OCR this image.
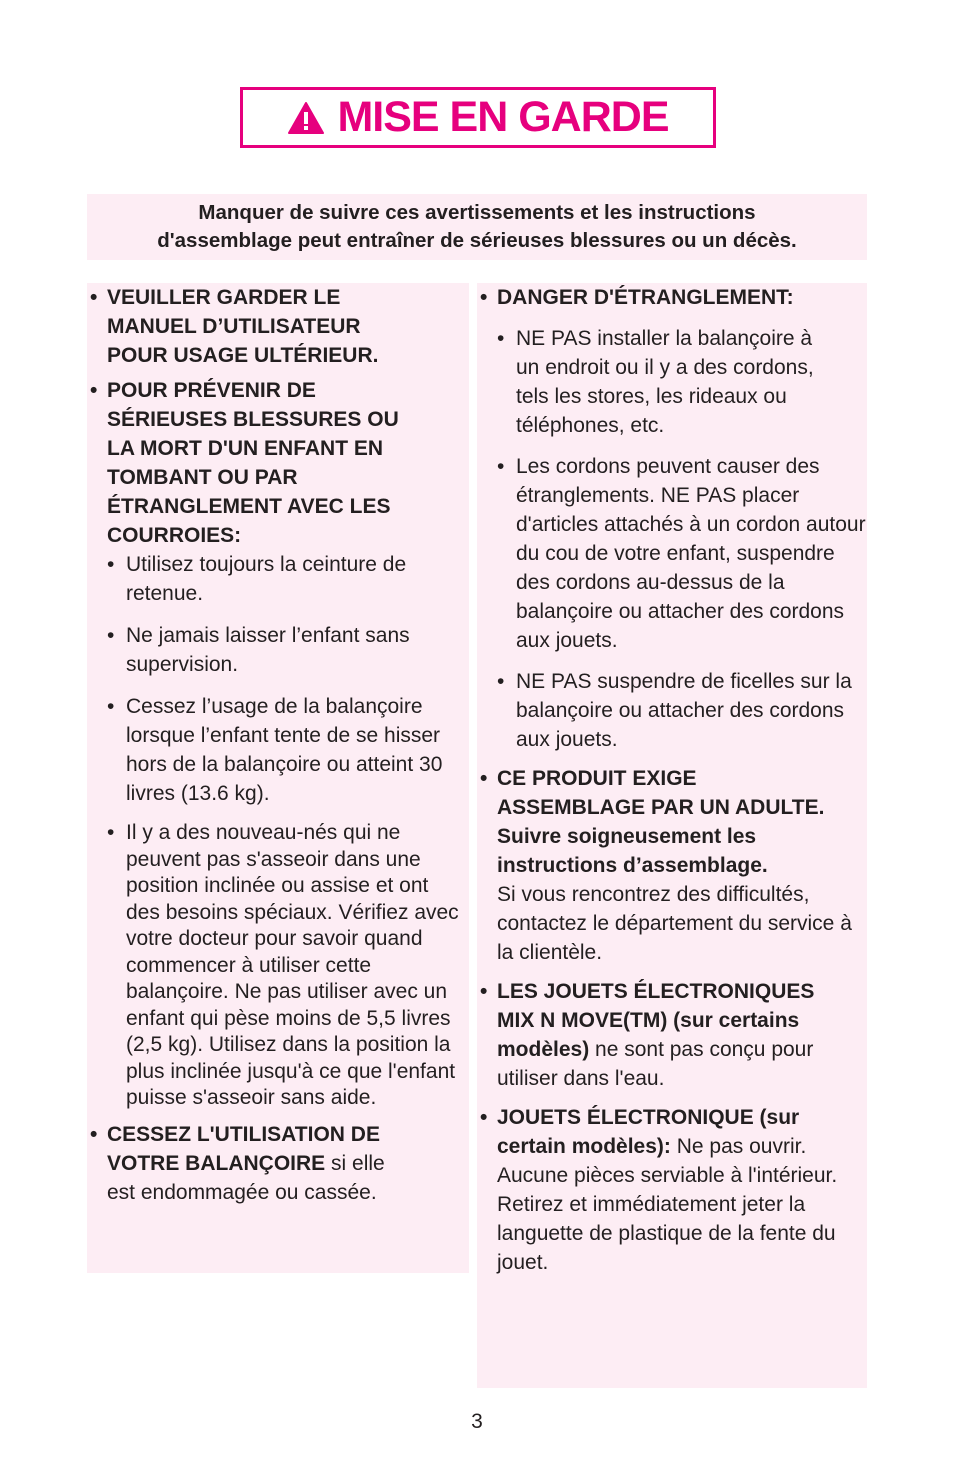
MISE EN GARDE
Manquer de suivre ces avertissements et les instructions
d'assemblage peut entraîner de sérieuses blessures ou un décès.

• VEUILLER GARDER LE MANUEL D’UTILISATEUR POUR USAGE ULTÉRIEUR.

• POUR PRÉVENIR DE SÉRIEUSES BLESSURES OU LA MORT D'UN ENFANT EN TOMBANT OU PAR ÉTRANGLEMENT AVEC LES COURROIES:

• Utilisez toujours la ceinture de retenue.

• Ne jamais laisser l’enfant sans supervision.

• Cessez l’usage de la balançoire lorsque l’enfant tente de se hisser hors de la balançoire ou atteint 30 livres (13.6 kg).

• Il y a des nouveau-nés qui ne peuvent pas s'asseoir dans une position inclinée ou assise et ont des besoins spéciaux. Vérifiez avec votre docteur pour savoir quand commencer à utiliser cette balançoire. Ne pas utiliser avec un enfant qui pèse moins de 5,5 livres (2,5 kg). Utilisez dans la position la plus inclinée jusqu'à ce que l'enfant puisse s'asseoir sans aide.

• CESSEZ L'UTILISATION DE VOTRE BALANÇOIRE si elle est endommagée ou cassée.

• DANGER D'ÉTRANGLEMENT:

• NE PAS installer la balançoire à un endroit ou il y a des cordons, tels les stores, les rideaux ou téléphones, etc.

• Les cordons peuvent causer des étranglements. NE PAS placer d'articles attachés à un cordon autour du cou de votre enfant, suspendre des cordons au-dessus de la balançoire ou attacher des cordons aux jouets.

• NE PAS suspendre de ficelles sur la balançoire ou attacher des cordons aux jouets.

• CE PRODUIT EXIGE ASSEMBLAGE PAR UN ADULTE. Suivre soigneusement les instructions d’assemblage.
Si vous rencontrez des difficultés, contactez le département du service à la clientèle.

• LES JOUETS ÉLECTRONIQUES MIX N MOVE(TM) (sur certains modèles) ne sont pas conçu pour utiliser dans l'eau.

• JOUETS ÉLECTRONIQUE (sur certain modèles): Ne pas ouvrir. Aucune pièces serviable à l'intérieur. Retirez et immédiatement jeter la languette de plastique de la fente du jouet.

3
